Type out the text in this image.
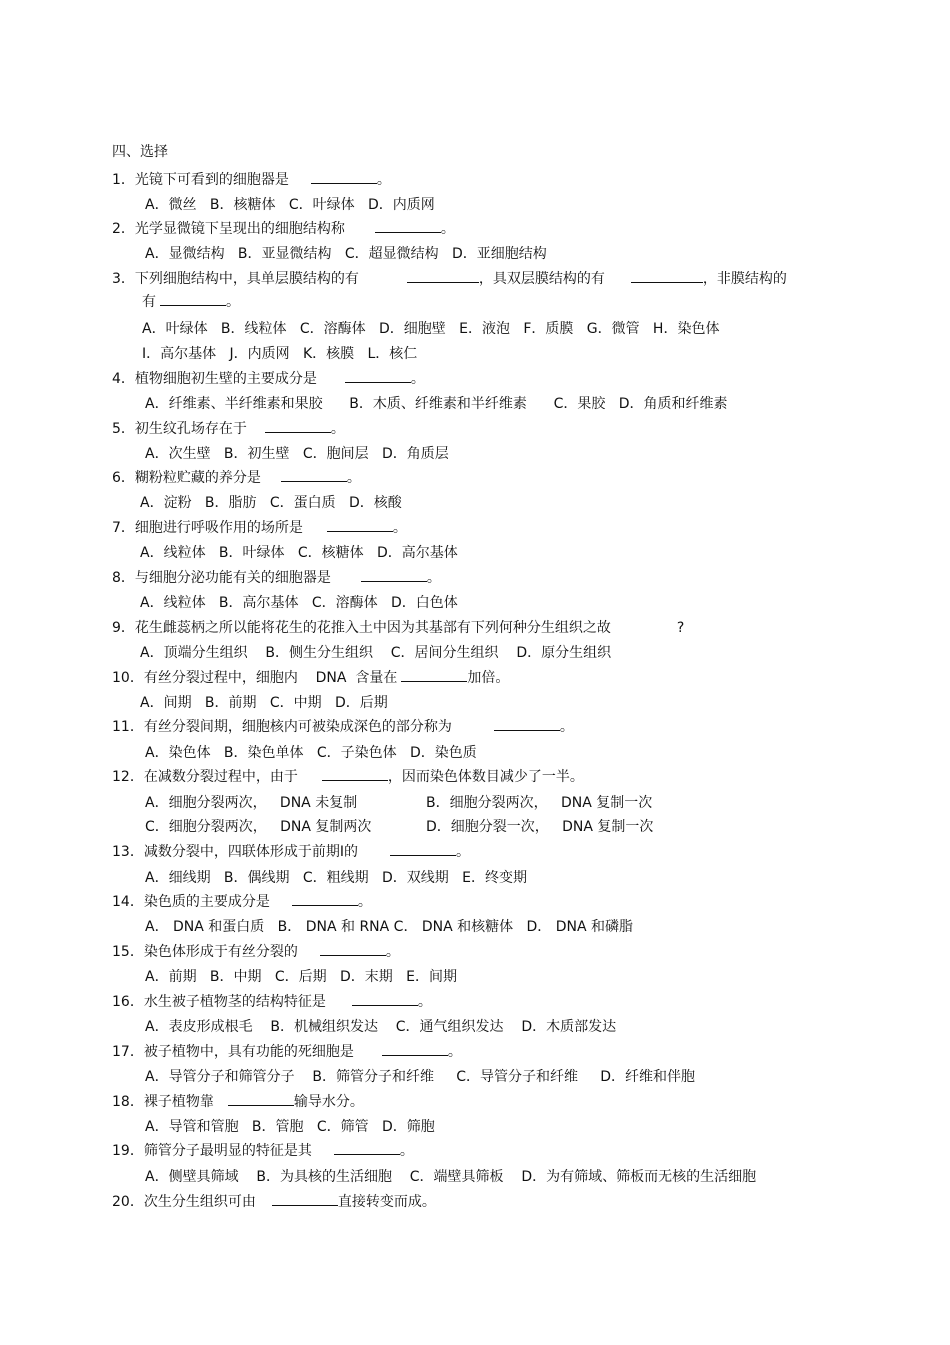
四、选择
1．光镜下可看到的细胞器是	。
A．微丝   B．核糖体   C．叶绿体   D．内质网
2．光学显微镜下呈现出的细胞结构称	。
A．显微结构   B．亚显微结构   C．超显微结构   D．亚细胞结构
3．下列细胞结构中，具单层膜结构的有	，具双层膜结构的有	，非膜结构的
有	。
A．叶绿体   B．线粒体   C．溶酶体   D．细胞壁   E．液泡   F．质膜   G．微管   H．染色体
I．高尔基体   J．内质网   K．核膜   L．核仁
4．植物细胞初生壁的主要成分是	。
A．纤维素、半纤维素和果胶      B．木质、纤维素和半纤维素      C．果胶   D．角质和纤维素
5．初生纹孔场存在于	。
A．次生壁   B．初生壁   C．胞间层   D．角质层
6．糊粉粒贮藏的养分是	。
A．淀粉   B．脂肪   C．蛋白质   D．核酸
7．细胞进行呼吸作用的场所是	。
A．线粒体   B．叶绿体   C．核糖体   D．高尔基体
8．与细胞分泌功能有关的细胞器是	。
A．线粒体   B．高尔基体   C．溶酶体   D．白色体
9．花生雌蕊柄之所以能将花生的花推入土中因为其基部有下列何种分生组织之故	?
A．顶端分生组织    B．侧生分生组织    C．居间分生组织    D．原分生组织
10．有丝分裂过程中，细胞内    DNA  含量在	加倍。
A．间期   B．前期   C．中期   D．后期
11．有丝分裂间期，细胞核内可被染成深色的部分称为	。
A．染色体   B．染色单体   C．子染色体   D．染色质
12．在减数分裂过程中，由于	，因而染色体数目减少了一半。
A．细胞分裂两次，   DNA 未复制	B．细胞分裂两次，   DNA 复制一次
C．细胞分裂两次，   DNA 复制两次	D．细胞分裂一次，   DNA 复制一次
13．减数分裂中，四联体形成于前期Ⅰ的	。
A．细线期   B．偶线期   C．粗线期   D．双线期   E．终变期
14．染色质的主要成分是	。
A． DNA 和蛋白质   B． DNA 和 RNA C． DNA 和核糖体   D． DNA 和磷脂
15．染色体形成于有丝分裂的	。
A．前期   B．中期   C．后期   D．末期   E．间期
16．水生被子植物茎的结构特征是	。
A．表皮形成根毛    B．机械组织发达    C．通气组织发达    D．木质部发达
17．被子植物中，具有功能的死细胞是	。
A．导管分子和筛管分子    B．筛管分子和纤维     C．导管分子和纤维     D．纤维和伴胞
18．裸子植物靠	输导水分。
A．导管和管胞   B．管胞   C．筛管   D．筛胞
19．筛管分子最明显的特征是其	。
A．侧壁具筛域    B．为具核的生活细胞    C．端壁具筛板    D．为有筛域、筛板而无核的生活细胞
20．次生分生组织可由	直接转变而成。
